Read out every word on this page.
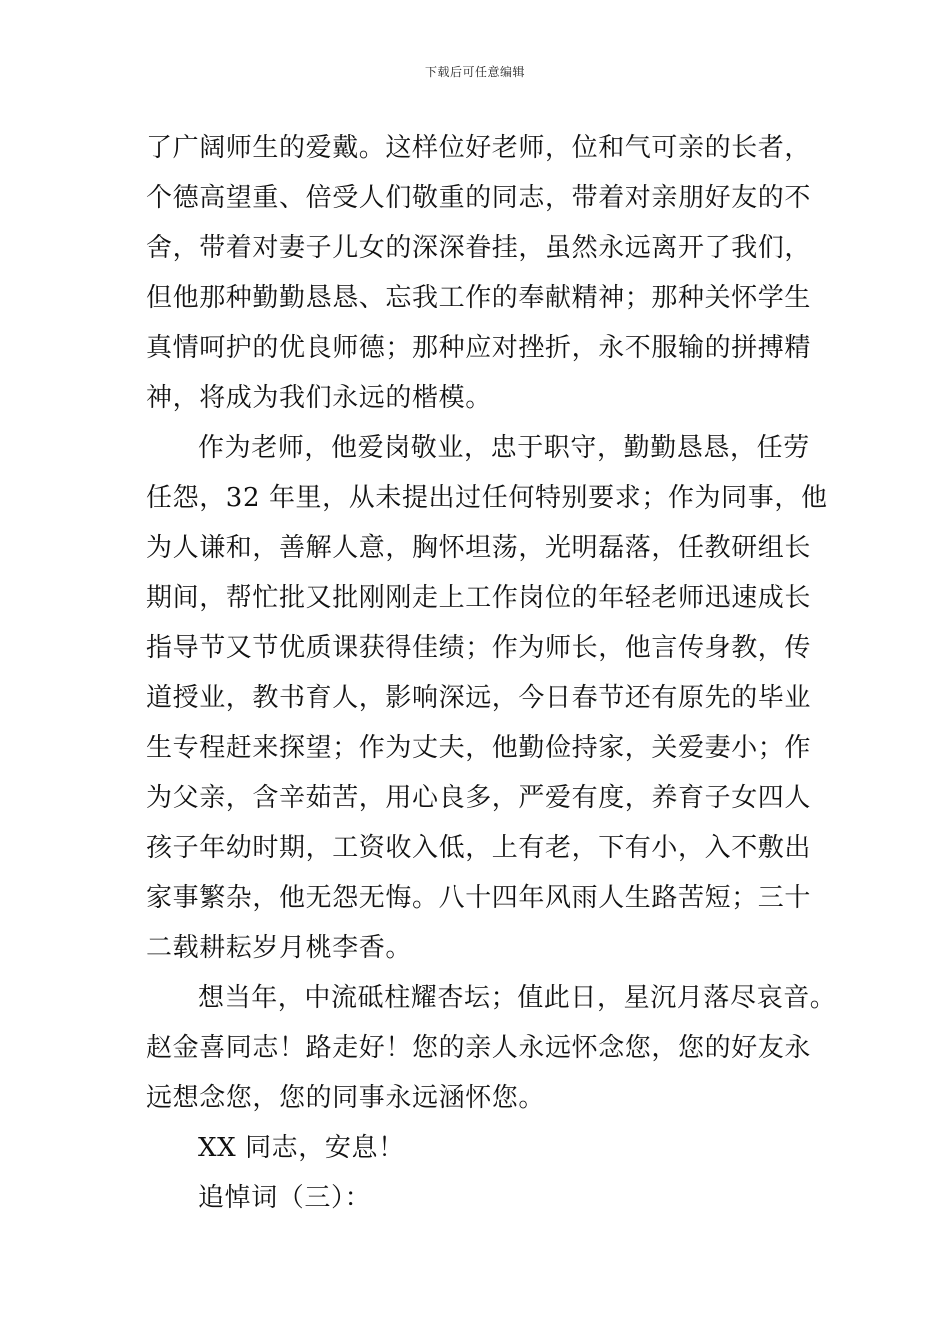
下载后可任意编辑
了广阔师生的爱戴。这样位好老师，位和气可亲的长者，
个德高望重、倍受人们敬重的同志，带着对亲朋好友的不
舍，带着对妻子儿女的深深眷挂，虽然永远离开了我们，
但他那种勤勤恳恳、忘我工作的奉献精神；那种关怀学生
真情呵护的优良师德；那种应对挫折，永不服输的拼搏精
神，将成为我们永远的楷模。
作为老师，他爱岗敬业，忠于职守，勤勤恳恳，任劳
任怨，32 年里，从未提出过任何特别要求；作为同事，他
为人谦和，善解人意，胸怀坦荡，光明磊落，任教研组长
期间，帮忙批又批刚刚走上工作岗位的年轻老师迅速成长
指导节又节优质课获得佳绩；作为师长，他言传身教，传
道授业，教书育人，影响深远，今日春节还有原先的毕业
生专程赶来探望；作为丈夫，他勤俭持家，关爱妻小；作
为父亲，含辛茹苦，用心良多，严爱有度，养育子女四人
孩子年幼时期，工资收入低，上有老，下有小，入不敷出
家事繁杂，他无怨无悔。八十四年风雨人生路苦短；三十
二载耕耘岁月桃李香。
想当年，中流砥柱耀杏坛；值此日，星沉月落尽哀音。
赵金喜同志！路走好！您的亲人永远怀念您，您的好友永
远想念您，您的同事永远涵怀您。
XX 同志，安息！
追悼词（三）：
